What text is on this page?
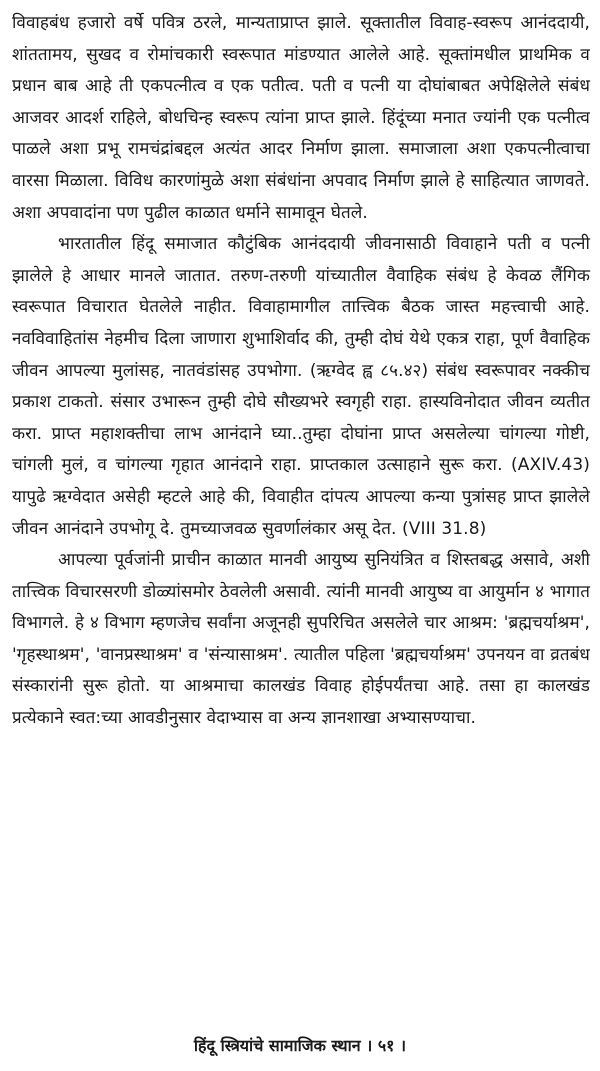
विवाहबंध हजारो वर्षे पवित्र ठरले, मान्यताप्राप्त झाले. सूक्तातील विवाह-स्वरूप आनंददायी, शांततामय, सुखद व रोमांचकारी स्वरूपात मांडण्यात आलेले आहे. सूक्तांमधील प्राथमिक व प्रधान बाब आहे ती एकपत्नीत्व व एक पतीत्व. पती व पत्नी या दोघांबाबत अपेक्षिलेले संबंध आजवर आदर्श राहिले, बोधचिन्ह स्वरूप त्यांना प्राप्त झाले. हिंदूंच्या मनात ज्यांनी एक पत्नीत्व पाळले अशा प्रभू रामचंद्रांबद्दल अत्यंत आदर निर्माण झाला. समाजाला अशा एकपत्नीत्वाचा वारसा मिळाला. विविध कारणांमुळे अशा संबंधांना अपवाद निर्माण झाले हे साहित्यात जाणवते. अशा अपवादांना पण पुढील काळात धर्माने सामावून घेतले.

भारतातील हिंदू समाजात कौटुंबिक आनंददायी जीवनासाठी विवाहाने पती व पत्नी झालेले हे आधार मानले जातात. तरुण-तरुणी यांच्यातील वैवाहिक संबंध हे केवळ लैंगिक स्वरूपात विचारात घेतलेले नाहीत. विवाहामागील तात्त्विक बैठक जास्त महत्त्वाची आहे. नवविवाहितांस नेहमीच दिला जाणारा शुभाशिर्वाद की, तुम्ही दोघं येथे एकत्र राहा, पूर्ण वैवाहिक जीवन आपल्या मुलांसह, नातवंडांसह उपभोगा. (ऋग्वेद ह्व ८५.४२) संबंध स्वरूपावर नक्कीच प्रकाश टाकतो. संसार उभारून तुम्ही दोघे सौख्यभरे स्वगृही राहा. हास्यविनोदात जीवन व्यतीत करा. प्राप्त महाशक्तीचा लाभ आनंदाने घ्या..तुम्हा दोघांना प्राप्त असलेल्या चांगल्या गोष्टी, चांगली मुलं, व चांगल्या गृहात आनंदाने राहा. प्राप्तकाल उत्साहाने सुरू करा. (AXIV.43) यापुढे ऋग्वेदात असेही म्हटले आहे की, विवाहीत दांपत्य आपल्या कन्या पुत्रांसह प्राप्त झालेले जीवन आनंदाने उपभोगू दे. तुमच्याजवळ सुवर्णालंकार असू देत. (VIII 31.8)

आपल्या पूर्वजांनी प्राचीन काळात मानवी आयुष्य सुनियंत्रित व शिस्तबद्ध असावे, अशी तात्त्विक विचारसरणी डोळ्यांसमोर ठेवलेली असावी. त्यांनी मानवी आयुष्य वा आयुर्मान ४ भागात विभागले. हे ४ विभाग म्हणजेच सर्वांना अजूनही सुपरिचित असलेले चार आश्रम: 'ब्रह्मचर्याश्रम', 'गृहस्थाश्रम', 'वानप्रस्थाश्रम' व 'संन्यासाश्रम'. त्यातील पहिला 'ब्रह्मचर्याश्रम' उपनयन वा व्रतबंध संस्कारांनी सुरू होतो. या आश्रमाचा कालखंड विवाह होईपर्यंतचा आहे. तसा हा कालखंड प्रत्येकाने स्वत:च्या आवडीनुसार वेदाभ्यास वा अन्य ज्ञानशाखा अभ्यासण्याचा.

हिंदू स्त्रियांचे सामाजिक स्थान । ५१ ।
